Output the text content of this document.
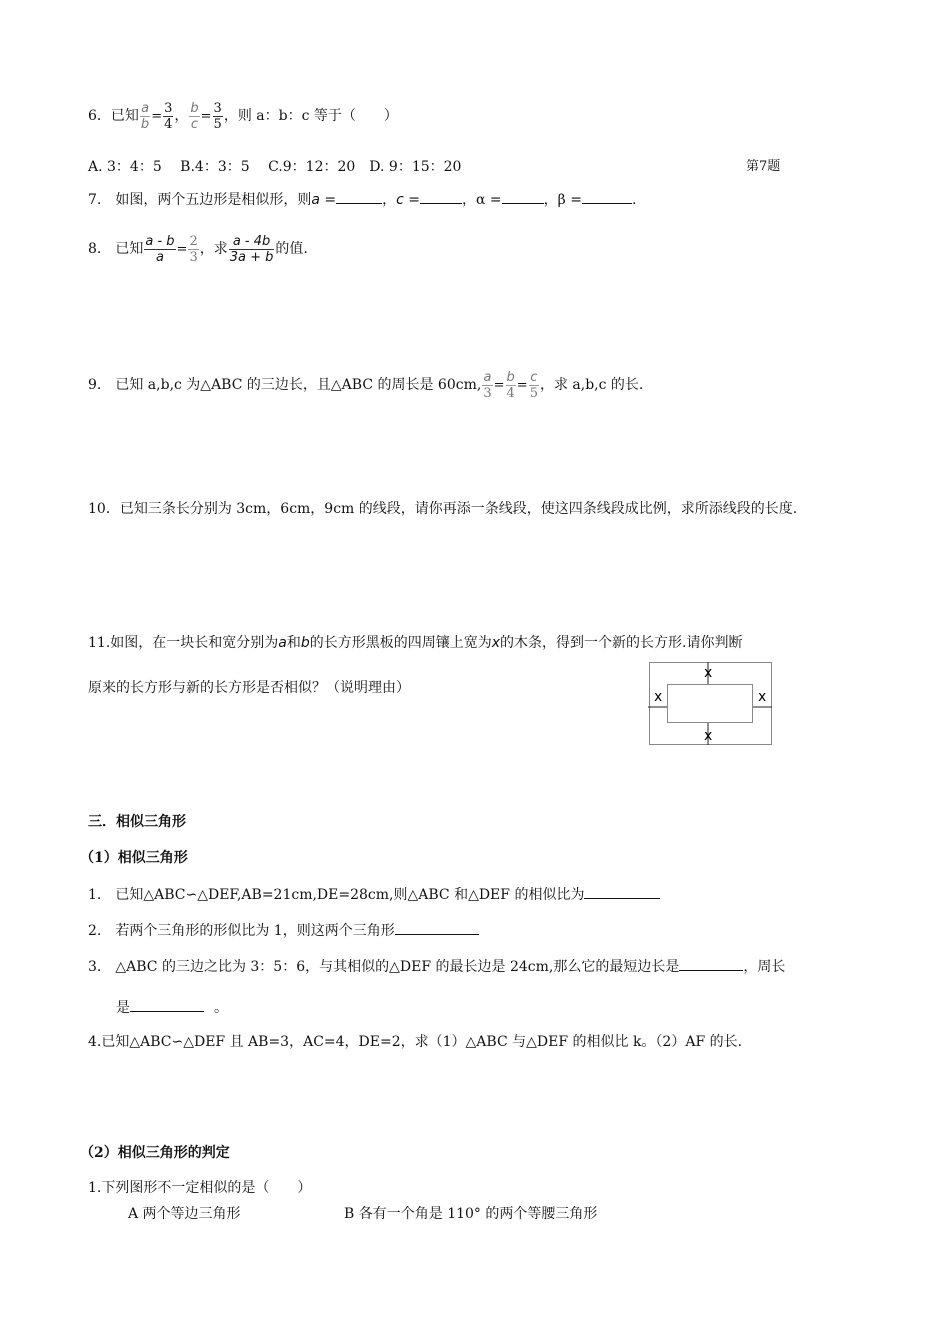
6．已知 $\frac{a}{b} = \frac{3}{4}$ ， $\frac{b}{c} = \frac{3}{5}$ ，则 a：b：c 等于（　　）
A. 3：4：5　 B.4：3：5　 C.9：12：20　D. 9：15：20	第7题
7.　如图，两个五边形是相似形，则a =	，c =	，α =	，β =	.
8.　已知 $\frac{a - b}{a} = \frac{2}{3}$ ，求 $\frac{a - 4b}{3a + b}$ 的值.
9.　已知 a,b,c 为△ABC 的三边长，且△ABC 的周长是 60cm, $\frac{a}{3} = \frac{b}{4} = \frac{c}{5}$ ，求 a,b,c 的长.
10．已知三条长分别为 3cm，6cm，9cm 的线段，请你再添一条线段，使这四条线段成比例，求所添线段的长度.
11.如图，在一块长和宽分别为a和b的长方形黑板的四周镶上宽为x的木条，得到一个新的长方形.请你判断
原来的长方形与新的长方形是否相似？（说明理由）
x
x
x	x
三．相似三角形
（1）相似三角形
1.　已知△ABC∽△DEF,AB=21cm,DE=28cm,则△ABC 和△DEF 的相似比为
2.　若两个三角形的形似比为 1，则这两个三角形
3.　△ABC 的三边之比为 3：5：6，与其相似的△DEF 的最长边是 24cm,那么它的最短边长是	，周长
是	。
4.已知△ABC∽△DEF 且 AB=3，AC=4，DE=2，求（1）△ABC 与△DEF 的相似比 k。（2）AF 的长.
（2）相似三角形的判定
1.下列图形不一定相似的是（　　）
A 两个等边三角形	B 各有一个角是 110° 的两个等腰三角形
